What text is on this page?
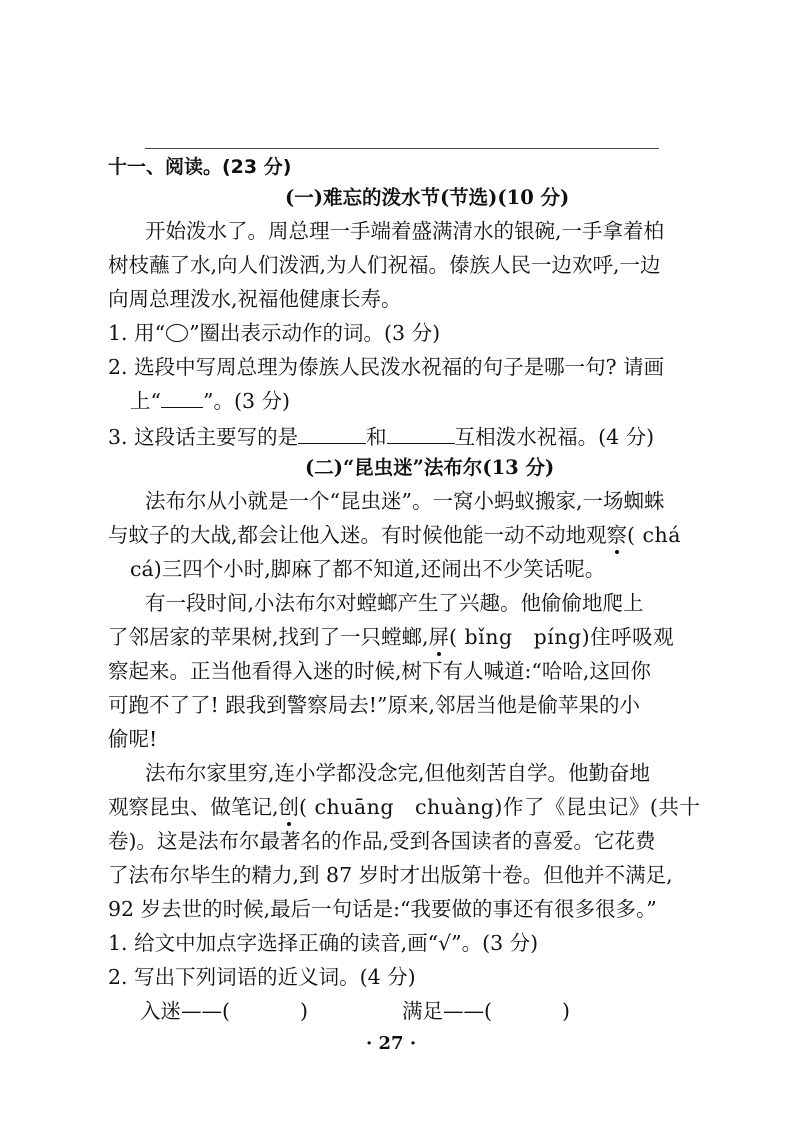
十一、阅读。(23 分)
(一)难忘的泼水节(节选)(10 分)
开始泼水了。周总理一手端着盛满清水的银碗,一手拿着柏
树枝蘸了水,向人们泼洒,为人们祝福。傣族人民一边欢呼,一边
向周总理泼水,祝福他健康长寿。
1. 用“○”圈出表示动作的词。(3 分)
2. 选段中写周总理为傣族人民泼水祝福的句子是哪一句? 请画
上“ ”。(3 分)
3. 这段话主要写的是	和	互相泼水祝福。(4 分)
(二)“昆虫迷”法布尔(13 分)
法布尔从小就是一个“昆虫迷”。一窝小蚂蚁搬家,一场蜘蛛
与蚊子的大战,都会让他入迷。有时候他能一动不动地观察( chá
cá)三四个小时,脚麻了都不知道,还闹出不少笑话呢。
有一段时间,小法布尔对螳螂产生了兴趣。他偷偷地爬上
了邻居家的苹果树,找到了一只螳螂,屏( bǐng　píng)住呼吸观
察起来。正当他看得入迷的时候,树下有人喊道:“哈哈,这回你
可跑不了了! 跟我到警察局去!”原来,邻居当他是偷苹果的小
偷呢!
法布尔家里穷,连小学都没念完,但他刻苦自学。他勤奋地
观察昆虫、做笔记,创( chuāng　chuàng)作了《昆虫记》(共十
卷)。这是法布尔最著名的作品,受到各国读者的喜爱。它花费
了法布尔毕生的精力,到 87 岁时才出版第十卷。但他并不满足,
92 岁去世的时候,最后一句话是:“我要做的事还有很多很多。”
1. 给文中加点字选择正确的读音,画“√”。(3 分)
2. 写出下列词语的近义词。(4 分)
入迷——(	)	满足——(	)
· 27 ·
